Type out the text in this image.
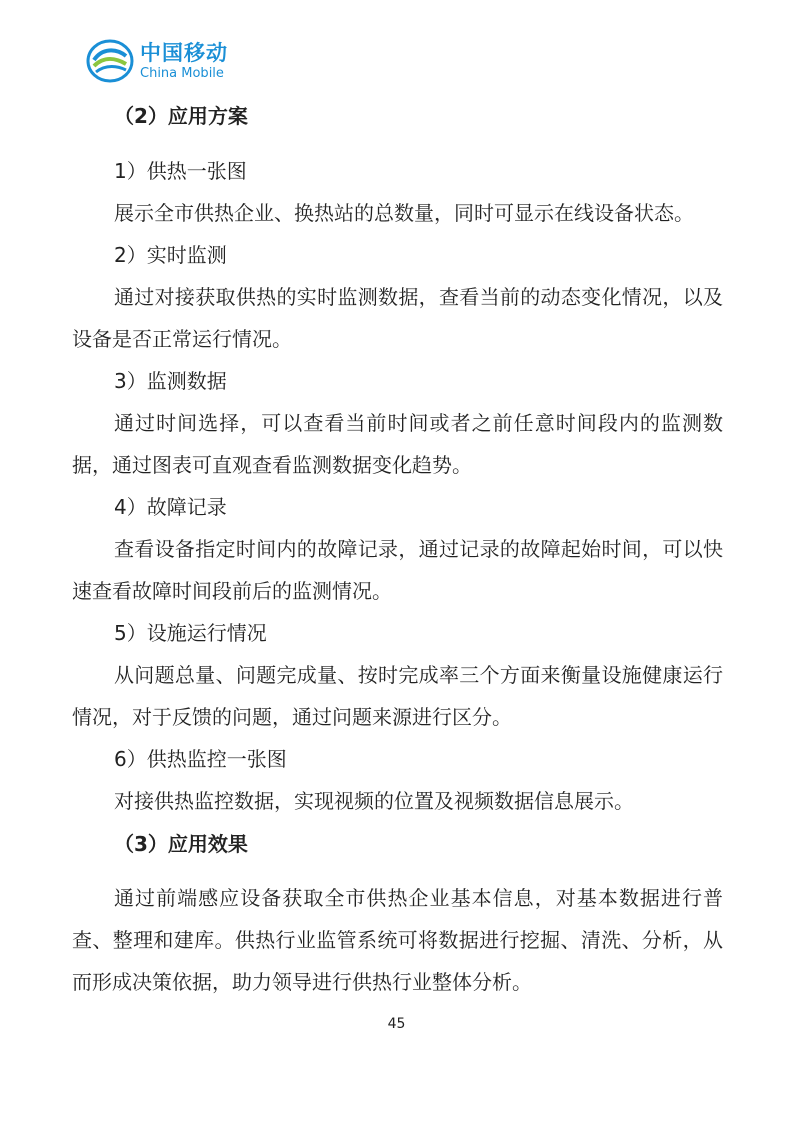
中国移动
China Mobile
（2）应用方案
1）供热一张图
展示全市供热企业、换热站的总数量，同时可显示在线设备状态。
2）实时监测
通过对接获取供热的实时监测数据，查看当前的动态变化情况，以及设备是否正常运行情况。
3）监测数据
通过时间选择，可以查看当前时间或者之前任意时间段内的监测数据，通过图表可直观查看监测数据变化趋势。
4）故障记录
查看设备指定时间内的故障记录，通过记录的故障起始时间，可以快速查看故障时间段前后的监测情况。
5）设施运行情况
从问题总量、问题完成量、按时完成率三个方面来衡量设施健康运行情况，对于反馈的问题，通过问题来源进行区分。
6）供热监控一张图
对接供热监控数据，实现视频的位置及视频数据信息展示。
（3）应用效果
通过前端感应设备获取全市供热企业基本信息，对基本数据进行普查、整理和建库。供热行业监管系统可将数据进行挖掘、清洗、分析，从而形成决策依据，助力领导进行供热行业整体分析。
45
